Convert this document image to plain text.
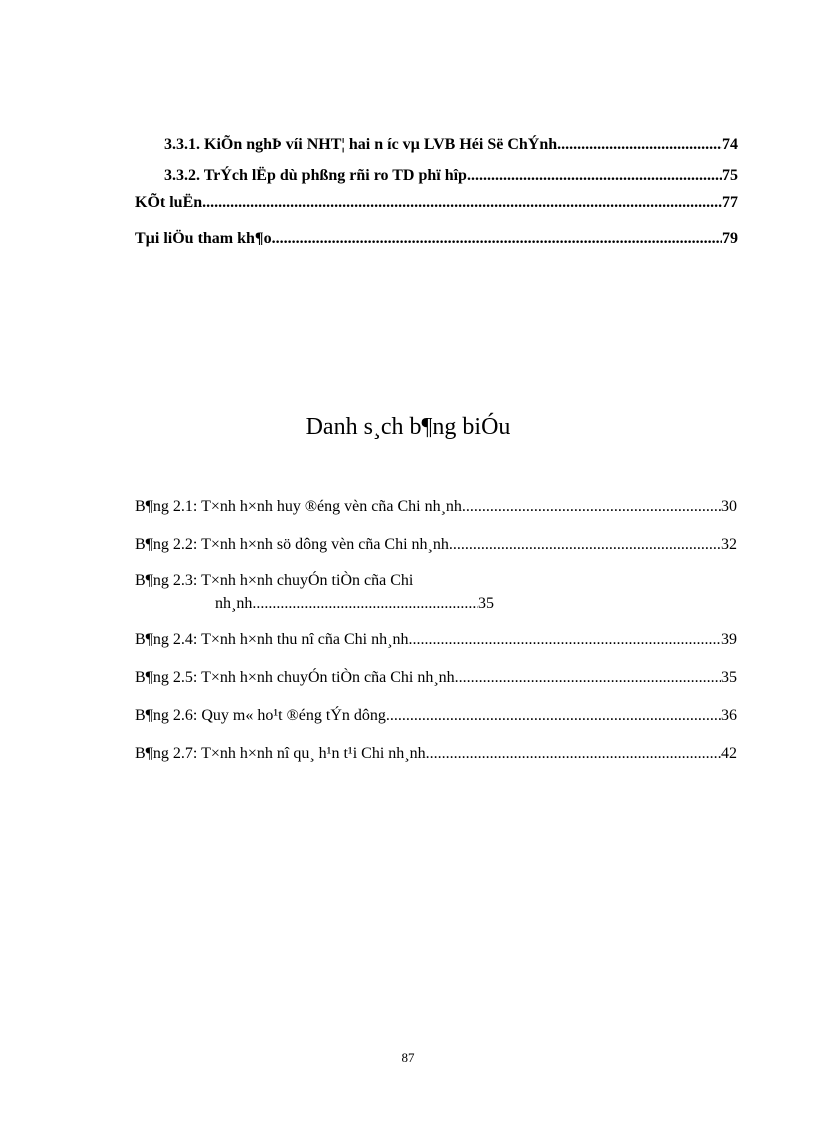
3.3.1. KiÕn nghÞ víi NHT¦ hai n íc vµ LVB Héi Së ChÝnh .....	74
3.3.2. TrÝch lËp dù phßng rñi ro TD phï hîp .....	75
KÕt luËn .....	77
Tµi liÖu tham kh¶o .....	79
Danh s¸ch b¶ng biÓu
B¶ng 2.1: T×nh h×nh huy ®éng vèn cña Chi nh¸nh .....	30
B¶ng 2.2: T×nh h×nh sö dông vèn cña Chi nh¸nh .....	32
B¶ng 2.3: T×nh h×nh chuyÓn tiÒn cña Chi
nh¸nh .....	35
B¶ng 2.4: T×nh h×nh thu nî cña Chi nh¸nh .....	39
B¶ng 2.5: T×nh h×nh chuyÓn tiÒn cña Chi nh¸nh .....	35
B¶ng 2.6: Quy m« ho¹t ®éng tÝn dông .....	36
B¶ng 2.7: T×nh h×nh nî qu¸ h¹n t¹i Chi nh¸nh .....	42
87
